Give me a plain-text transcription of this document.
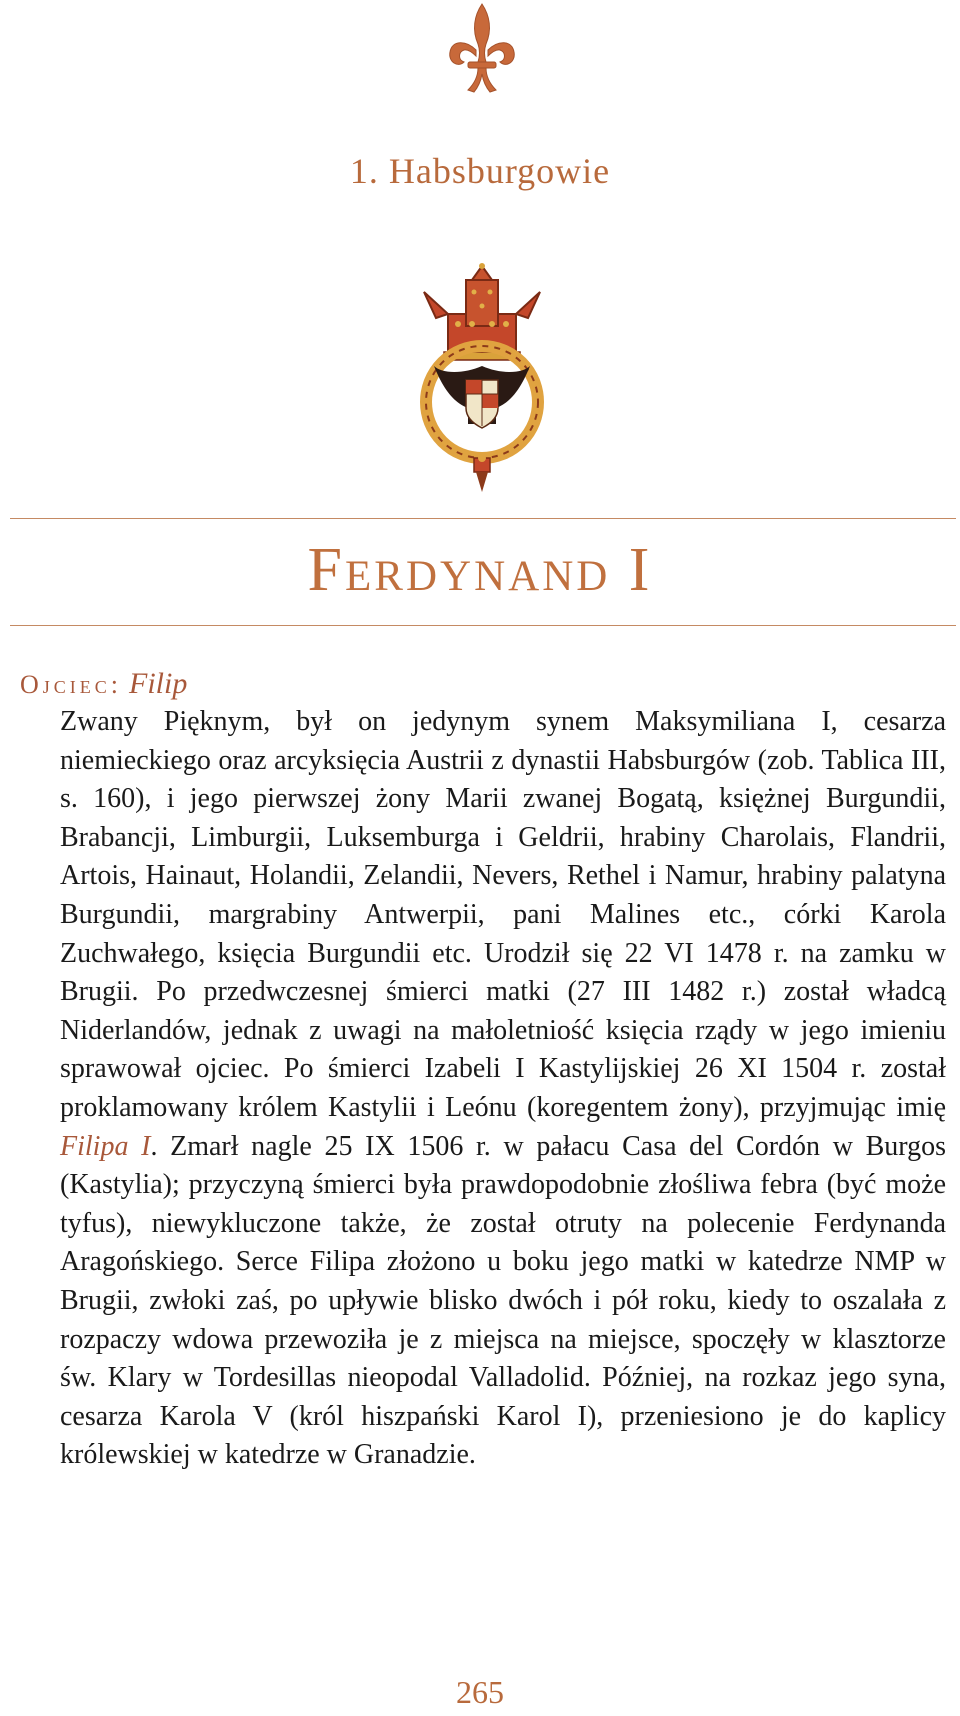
1. Habsburgowie
Ferdynand I
Ojciec: Filip
Zwany Pięknym, był on jedynym synem Maksymiliana I, cesarza niemieckiego oraz arcyksięcia Austrii z dynastii Habsburgów (zob. Tablica III, s. 160), i jego pierwszej żony Marii zwanej Bogatą, księżnej Burgundii, Brabancji, Limburgii, Luksemburga i Geldrii, hrabiny Charolais, Flandrii, Artois, Hainaut, Holandii, Zelandii, Nevers, Rethel i Namur, hrabiny palatyna Burgundii, margrabiny Antwerpii, pani Malines etc., córki Karola Zuchwałego, księcia Burgundii etc. Urodził się 22 VI 1478 r. na zamku w Brugii. Po przedwczesnej śmierci matki (27 III 1482 r.) został władcą Niderlandów, jednak z uwagi na małoletniość księcia rządy w jego imieniu sprawował ojciec. Po śmierci Izabeli I Kastylijskiej 26 XI 1504 r. został proklamowany królem Kastylii i Leónu (koregentem żony), przyjmując imię Filipa I. Zmarł nagle 25 IX 1506 r. w pałacu Casa del Cordón w Burgos (Kastylia); przyczyną śmierci była prawdopodobnie złośliwa febra (być może tyfus), niewykluczone także, że został otruty na polecenie Ferdynanda Aragońskiego. Serce Filipa złożono u boku jego matki w katedrze NMP w Brugii, zwłoki zaś, po upływie blisko dwóch i pół roku, kiedy to oszalała z rozpaczy wdowa przewoziła je z miejsca na miejsce, spoczęły w klasztorze św. Klary w Tordesillas nieopodal Valladolid. Później, na rozkaz jego syna, cesarza Karola V (król hiszpański Karol I), przeniesiono je do kaplicy królewskiej w katedrze w Granadzie.
265
